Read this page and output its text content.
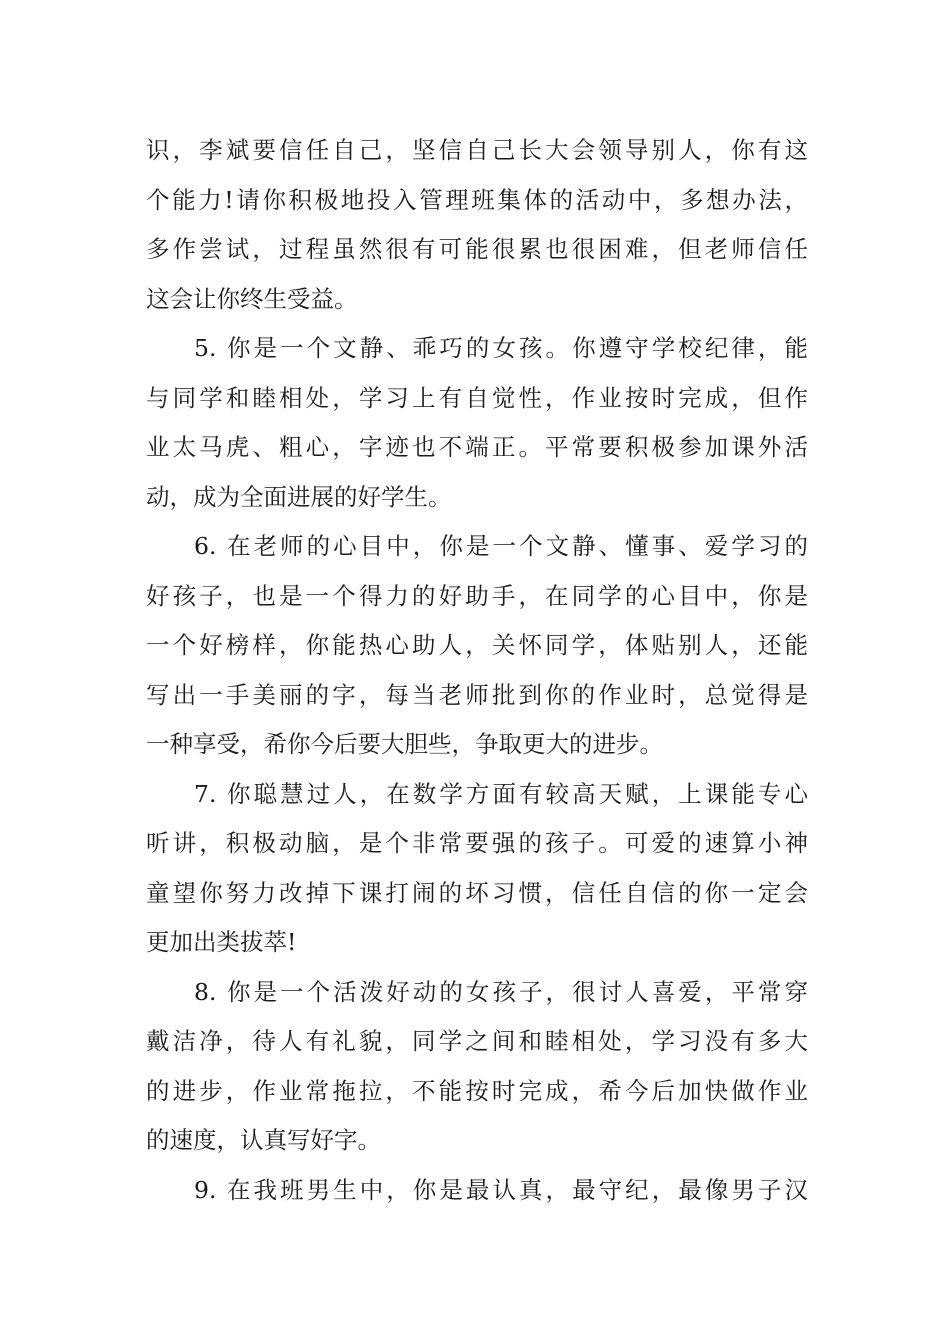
识，李斌要信任自己，坚信自己长大会领导别人，你有这
个能力!请你积极地投入管理班集体的活动中，多想办法，
多作尝试，过程虽然很有可能很累也很困难，但老师信任
这会让你终生受益。
5. 你是一个文静、乖巧的女孩。你遵守学校纪律，能
与同学和睦相处，学习上有自觉性，作业按时完成，但作
业太马虎、粗心，字迹也不端正。平常要积极参加课外活
动，成为全面进展的好学生。
6. 在老师的心目中，你是一个文静、懂事、爱学习的
好孩子，也是一个得力的好助手，在同学的心目中，你是
一个好榜样，你能热心助人，关怀同学，体贴别人，还能
写出一手美丽的字，每当老师批到你的作业时，总觉得是
一种享受，希你今后要大胆些，争取更大的进步。
7. 你聪慧过人，在数学方面有较高天赋，上课能专心
听讲，积极动脑，是个非常要强的孩子。可爱的速算小神
童望你努力改掉下课打闹的坏习惯，信任自信的你一定会
更加出类拔萃!
8. 你是一个活泼好动的女孩子，很讨人喜爱，平常穿
戴洁净，待人有礼貌，同学之间和睦相处，学习没有多大
的进步，作业常拖拉，不能按时完成，希今后加快做作业
的速度，认真写好字。
9. 在我班男生中，你是最认真，最守纪，最像男子汉
